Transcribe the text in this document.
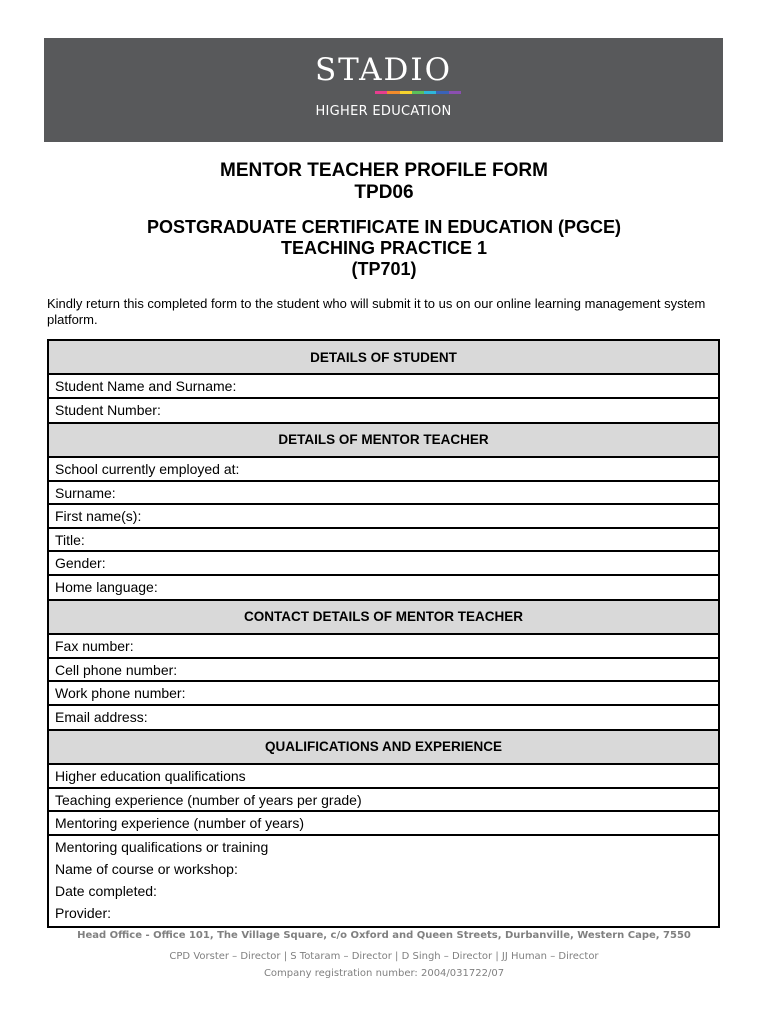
STADIO
HIGHER EDUCATION
MENTOR TEACHER PROFILE FORM
TPD06
POSTGRADUATE CERTIFICATE IN EDUCATION (PGCE)
TEACHING PRACTICE 1
(TP701)
Kindly return this completed form to the student who will submit it to us on our online learning management system platform.
DETAILS OF STUDENT
Student Name and Surname:
Student Number:
DETAILS OF MENTOR TEACHER
School currently employed at:
Surname:
First name(s):
Title:
Gender:
Home language:
CONTACT DETAILS OF MENTOR TEACHER
Fax number:
Cell phone number:
Work phone number:
Email address:
QUALIFICATIONS AND EXPERIENCE
Higher education qualifications
Teaching experience (number of years per grade)
Mentoring experience (number of years)
Mentoring qualifications or training
Name of course or workshop:
Date completed:
Provider:
Head Office - Office 101, The Village Square, c/o Oxford and Queen Streets, Durbanville, Western Cape, 7550
CPD Vorster – Director | S Totaram – Director | D Singh – Director | JJ Human – Director
Company registration number: 2004/031722/07
